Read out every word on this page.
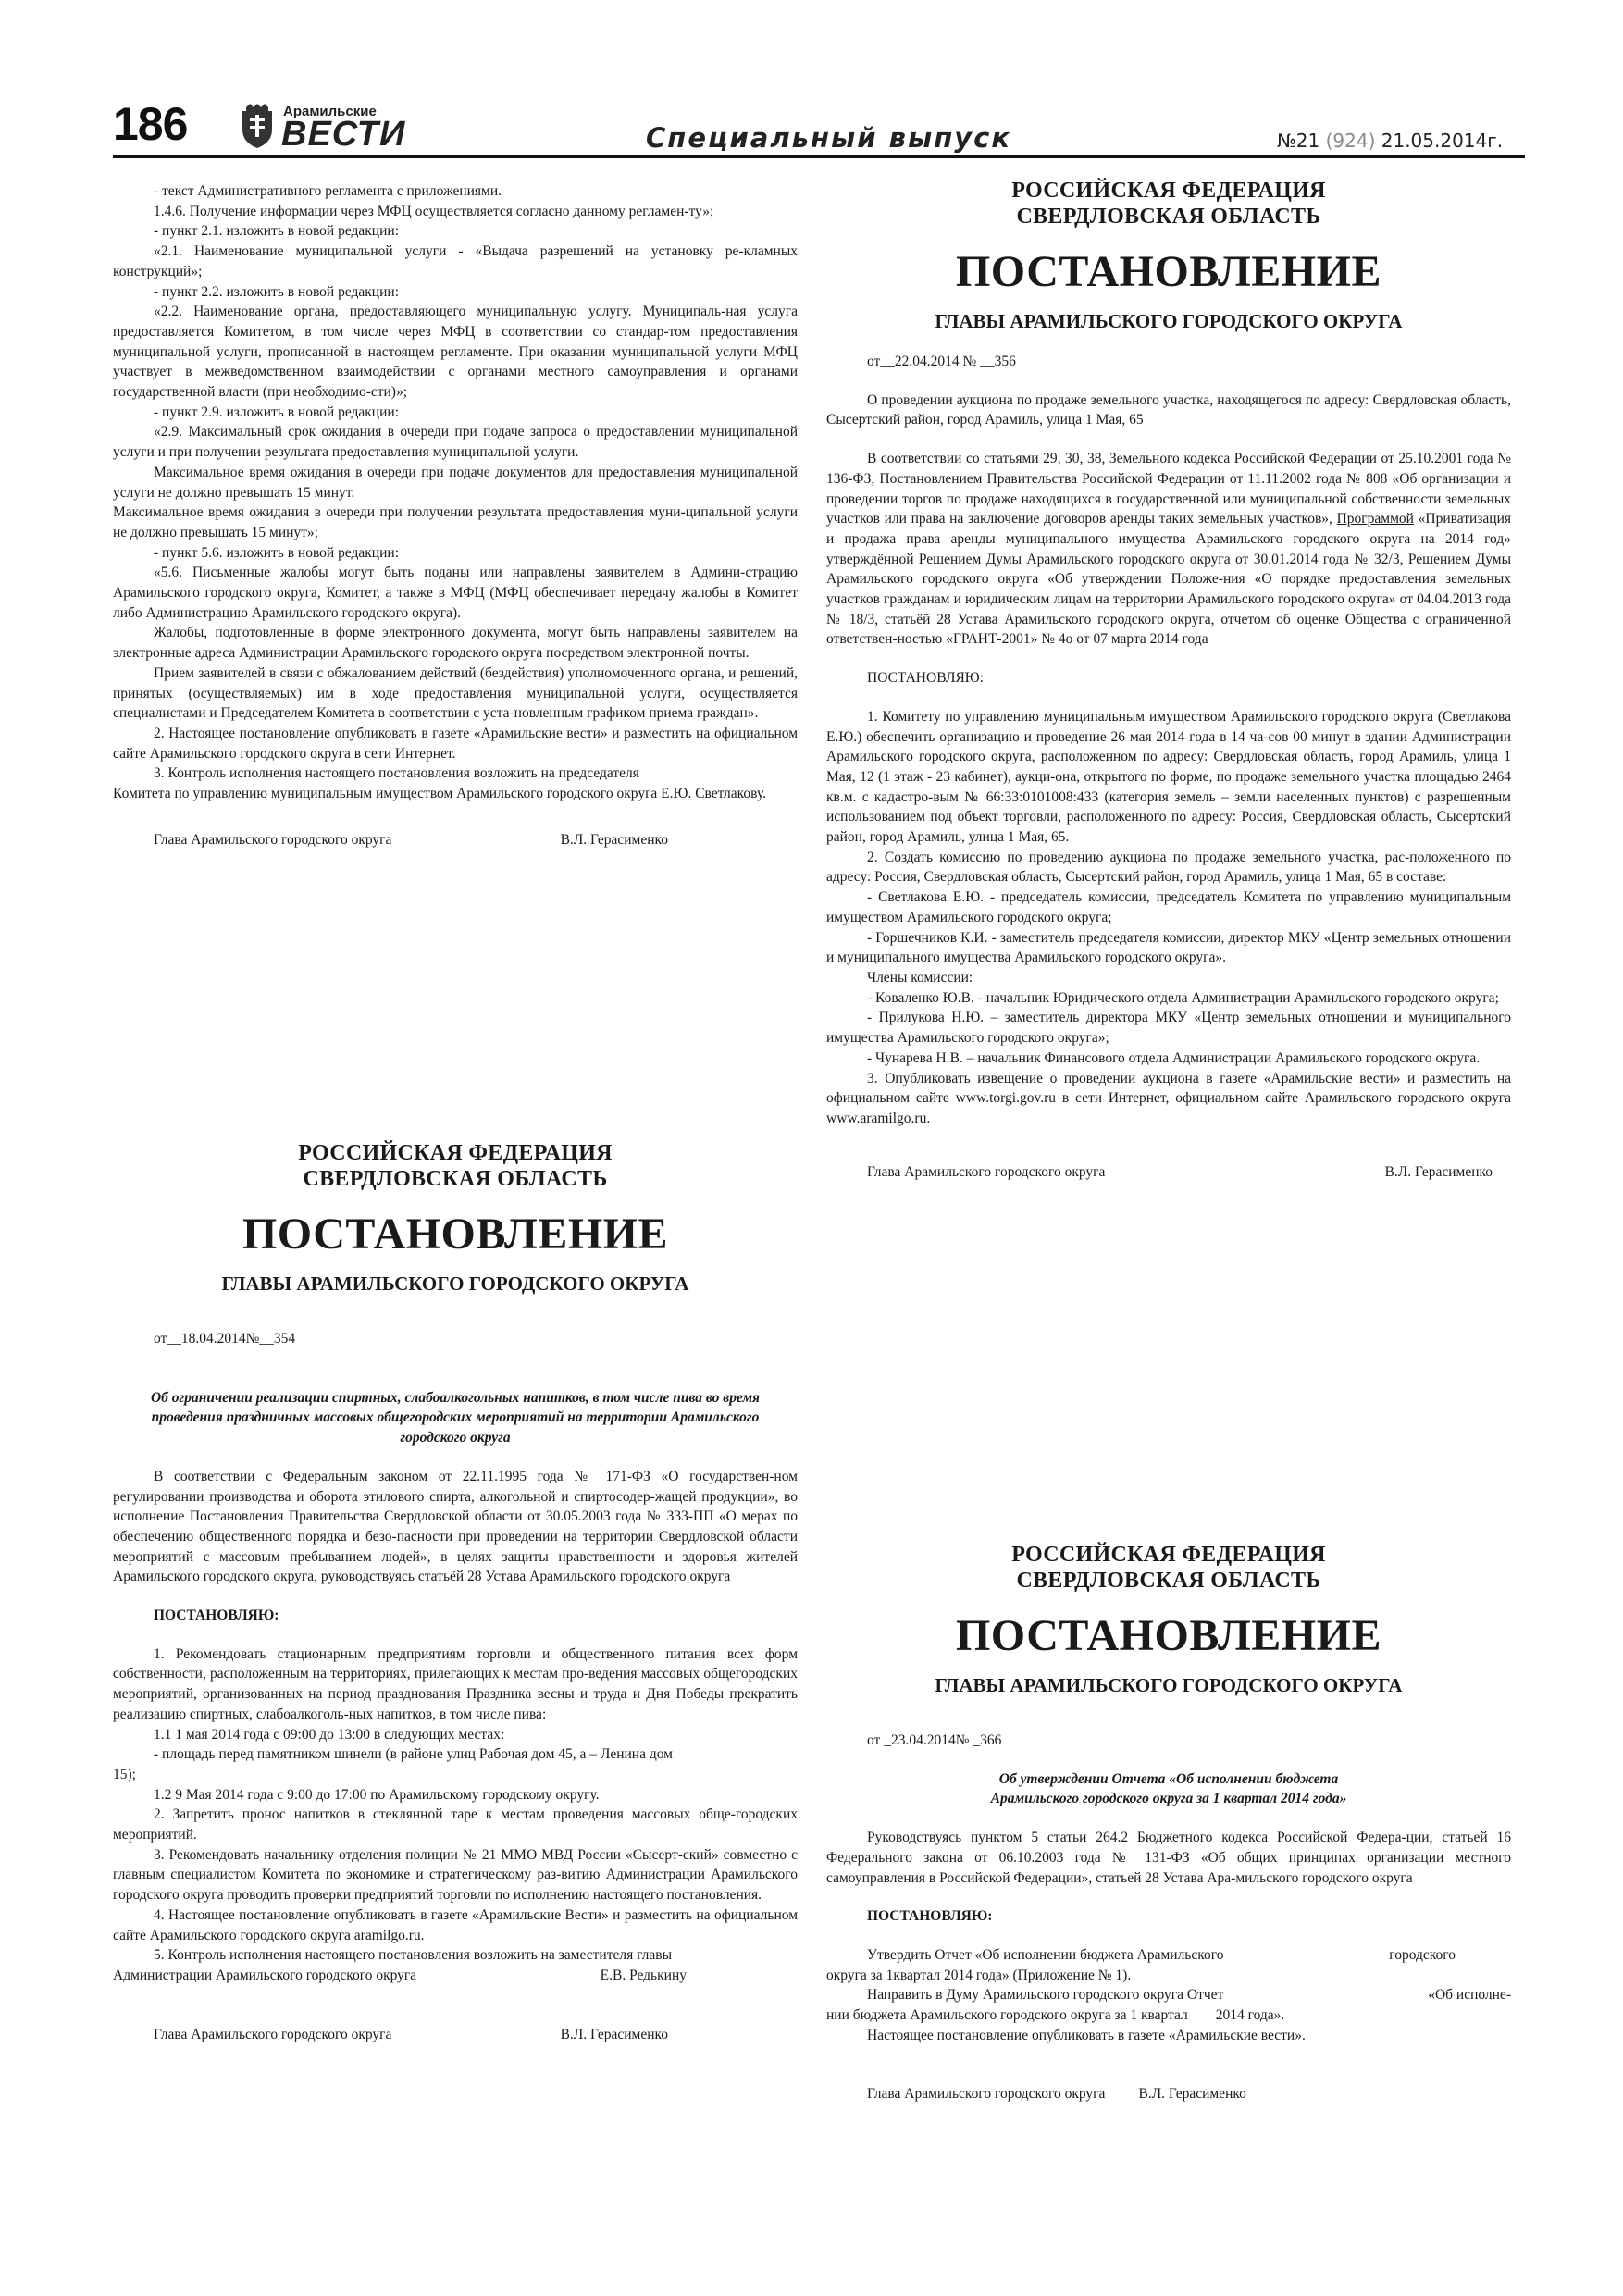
186	Арамильские
ВЕСТИ	Специальный выпуск	№21 (924) 21.05.2014г.

- текст Административного регламента с приложениями.

1.4.6. Получение информации через МФЦ осуществляется согласно данному регламен-ту»;

- пункт 2.1. изложить в новой редакции:

«2.1. Наименование муниципальной услуги - «Выдача разрешений на установку ре-кламных конструкций»;

- пункт 2.2. изложить в новой редакции:

«2.2. Наименование органа, предоставляющего муниципальную услугу. Муниципаль-ная услуга предоставляется Комитетом, в том числе через МФЦ в соответствии со стандар-том предоставления муниципальной услуги, прописанной в настоящем регламенте. При оказании муниципальной услуги МФЦ участвует в межведомственном взаимодействии с органами местного самоуправления и органами государственной власти (при необходимо-сти)»;

- пункт 2.9. изложить в новой редакции:

«2.9. Максимальный срок ожидания в очереди при подаче запроса о предоставлении муниципальной услуги и при получении результата предоставления муниципальной услуги.

Максимальное время ожидания в очереди при подаче документов для предоставления муниципальной услуги не должно превышать 15 минут.

Максимальное время ожидания в очереди при получении результата предоставления муни-ципальной услуги не должно превышать 15 минут»;

- пункт 5.6. изложить в новой редакции:

«5.6. Письменные жалобы могут быть поданы или направлены заявителем в Админи-страцию Арамильского городского округа, Комитет, а также в МФЦ (МФЦ обеспечивает передачу жалобы в Комитет либо Администрацию Арамильского городского округа).

Жалобы, подготовленные в форме электронного документа, могут быть направлены заявителем на электронные адреса Администрации Арамильского городского округа посредством электронной почты.

Прием заявителей в связи с обжалованием действий (бездействия) уполномоченного органа, и решений, принятых (осуществляемых) им в ходе предоставления муниципальной услуги, осуществляется специалистами и Председателем Комитета в соответствии с уста-новленным графиком приема граждан».

2. Настоящее постановление опубликовать в газете «Арамильские вести» и разместить на официальном сайте Арамильского городского округа в сети Интернет.

3. Контроль исполнения настоящего постановления возложить на председателя

Комитета по управлению муниципальным имуществом Арамильского городского округа Е.Ю. Светлакову.

Глава Арамильского городского округа	В.Л. Герасименко
РОССИЙСКАЯ ФЕДЕРАЦИЯ
СВЕРДЛОВСКАЯ ОБЛАСТЬ
ПОСТАНОВЛЕНИЕ
ГЛАВЫ АРАМИЛЬСКОГО ГОРОДСКОГО ОКРУГА

от__18.04.2014№__354

Об ограничении реализации спиртных, слабоалкогольных напитков, в том числе пива во время проведения праздничных массовых общегородских мероприятий на территории Арамильского городского округа

В соответствии с Федеральным законом от 22.11.1995 года № 171-ФЗ «О государствен-ном регулировании производства и оборота этилового спирта, алкогольной и спиртосодер-жащей продукции», во исполнение Постановления Правительства Свердловской области от 30.05.2003 года № 333-ПП «О мерах по обеспечению общественного порядка и безо-пасности при проведении на территории Свердловской области мероприятий с массовым пребыванием людей», в целях защиты нравственности и здоровья жителей Арамильского городского округа, руководствуясь статьёй 28 Устава Арамильского городского округа

ПОСТАНОВЛЯЮ:

1. Рекомендовать стационарным предприятиям торговли и общественного питания всех форм собственности, расположенным на территориях, прилегающих к местам про-ведения массовых общегородских мероприятий, организованных на период празднования Праздника весны и труда и Дня Победы прекратить реализацию спиртных, слабоалкоголь-ных напитков, в том числе пива:

1.1 1 мая 2014 года с 09:00 до 13:00 в следующих местах:

- площадь перед памятником шинели (в районе улиц Рабочая дом 45, а – Ленина дом

15);

1.2 9 Мая 2014 года с 9:00 до 17:00 по Арамильскому городскому округу.

2. Запретить пронос напитков в стеклянной таре к местам проведения массовых обще-городских мероприятий.

3. Рекомендовать начальнику отделения полиции № 21 ММО МВД России «Сысерт-ский» совместно с главным специалистом Комитета по экономике и стратегическому раз-витию Администрации Арамильского городского округа проводить проверки предприятий торговли по исполнению настоящего постановления.

4. Настоящее постановление опубликовать в газете «Арамильские Вести» и разместить на официальном сайте Арамильского городского округа aramilgo.ru.

5. Контроль исполнения настоящего постановления возложить на заместителя главы

Администрации Арамильского городского округа	Е.В. Редькину
Глава Арамильского городского округа	В.Л. Герасименко
РОССИЙСКАЯ ФЕДЕРАЦИЯ
СВЕРДЛОВСКАЯ ОБЛАСТЬ
ПОСТАНОВЛЕНИЕ
ГЛАВЫ АРАМИЛЬСКОГО ГОРОДСКОГО ОКРУГА

от__22.04.2014 № __356

О проведении аукциона по продаже земельного участка, находящегося по адресу: Свердловская область, Сысертский район, город Арамиль, улица 1 Мая, 65

В соответствии со статьями 29, 30, 38, Земельного кодекса Российской Федерации от 25.10.2001 года № 136-ФЗ, Постановлением Правительства Российской Федерации от 11.11.2002 года № 808 «Об организации и проведении торгов по продаже находящихся в государственной или муниципальной собственности земельных участков или права на заключение договоров аренды таких земельных участков», Программой «Приватизация и продажа права аренды муниципального имущества Арамильского городского округа на 2014 год» утверждённой Решением Думы Арамильского городского округа от 30.01.2014 года № 32/3, Решением Думы Арамильского городского округа «Об утверждении Положе-ния «О порядке предоставления земельных участков гражданам и юридическим лицам на территории Арамильского городского округа» от 04.04.2013 года № 18/3, статьёй 28 Устава Арамильского городского округа, отчетом об оценке Общества с ограниченной ответствен-ностью «ГРАНТ-2001» № 4о от 07 марта 2014 года

ПОСТАНОВЛЯЮ:

1. Комитету по управлению муниципальным имуществом Арамильского городского округа (Светлакова Е.Ю.) обеспечить организацию и проведение 26 мая 2014 года в 14 ча-сов 00 минут в здании Администрации Арамильского городского округа, расположенном по адресу: Свердловская область, город Арамиль, улица 1 Мая, 12 (1 этаж - 23 кабинет), аукци-она, открытого по форме, по продаже земельного участка площадью 2464 кв.м. с кадастро-вым № 66:33:0101008:433 (категория земель – земли населенных пунктов) с разрешенным использованием под объект торговли, расположенного по адресу: Россия, Свердловская область, Сысертский район, город Арамиль, улица 1 Мая, 65.

2. Создать комиссию по проведению аукциона по продаже земельного участка, рас-положенного по адресу: Россия, Свердловская область, Сысертский район, город Арамиль, улица 1 Мая, 65 в составе:

- Светлакова Е.Ю. - председатель комиссии, председатель Комитета по управлению муниципальным имуществом Арамильского городского округа;

- Горшечников К.И. - заместитель председателя комиссии, директор МКУ «Центр земельных отношении и муниципального имущества Арамильского городского округа».

Члены комиссии:

- Коваленко Ю.В. - начальник Юридического отдела Администрации Арамильского городского округа;

- Прилукова Н.Ю. – заместитель директора МКУ «Центр земельных отношении и муниципального имущества Арамильского городского округа»;

- Чунарева Н.В. – начальник Финансового отдела Администрации Арамильского городского округа.

3. Опубликовать извещение о проведении аукциона в газете «Арамильские вести» и разместить на официальном сайте www.torgi.gov.ru в сети Интернет, официальном сайте Арамильского городского округа www.aramilgo.ru.

Глава Арамильского городского округа	В.Л. Герасименко
РОССИЙСКАЯ ФЕДЕРАЦИЯ
СВЕРДЛОВСКАЯ ОБЛАСТЬ
ПОСТАНОВЛЕНИЕ
ГЛАВЫ АРАМИЛЬСКОГО ГОРОДСКОГО ОКРУГА

от _23.04.2014№ _366

Об утверждении Отчета «Об исполнении бюджета

Арамильского городского округа за 1 квартал 2014 года»

Руководствуясь пунктом 5 статьи 264.2 Бюджетного кодекса Российской Федера-ции, статьей 16 Федерального закона от 06.10.2003 года № 131-ФЗ «Об общих принципах организации местного самоуправления в Российской Федерации», статьей 28 Устава Ара-мильского городского округа

ПОСТАНОВЛЯЮ:

Утвердить Отчет «Об исполнении бюджета Арамильского	городского

округа за 1квартал 2014 года» (Приложение № 1).

Направить в Думу Арамильского городского округа Отчет	«Об исполне-
нии бюджета Арамильского городского округа за 1 квартал 2014 года».

Настоящее постановление опубликовать в газете «Арамильские вести».

Глава Арамильского городского округа В.Л. Герасименко
